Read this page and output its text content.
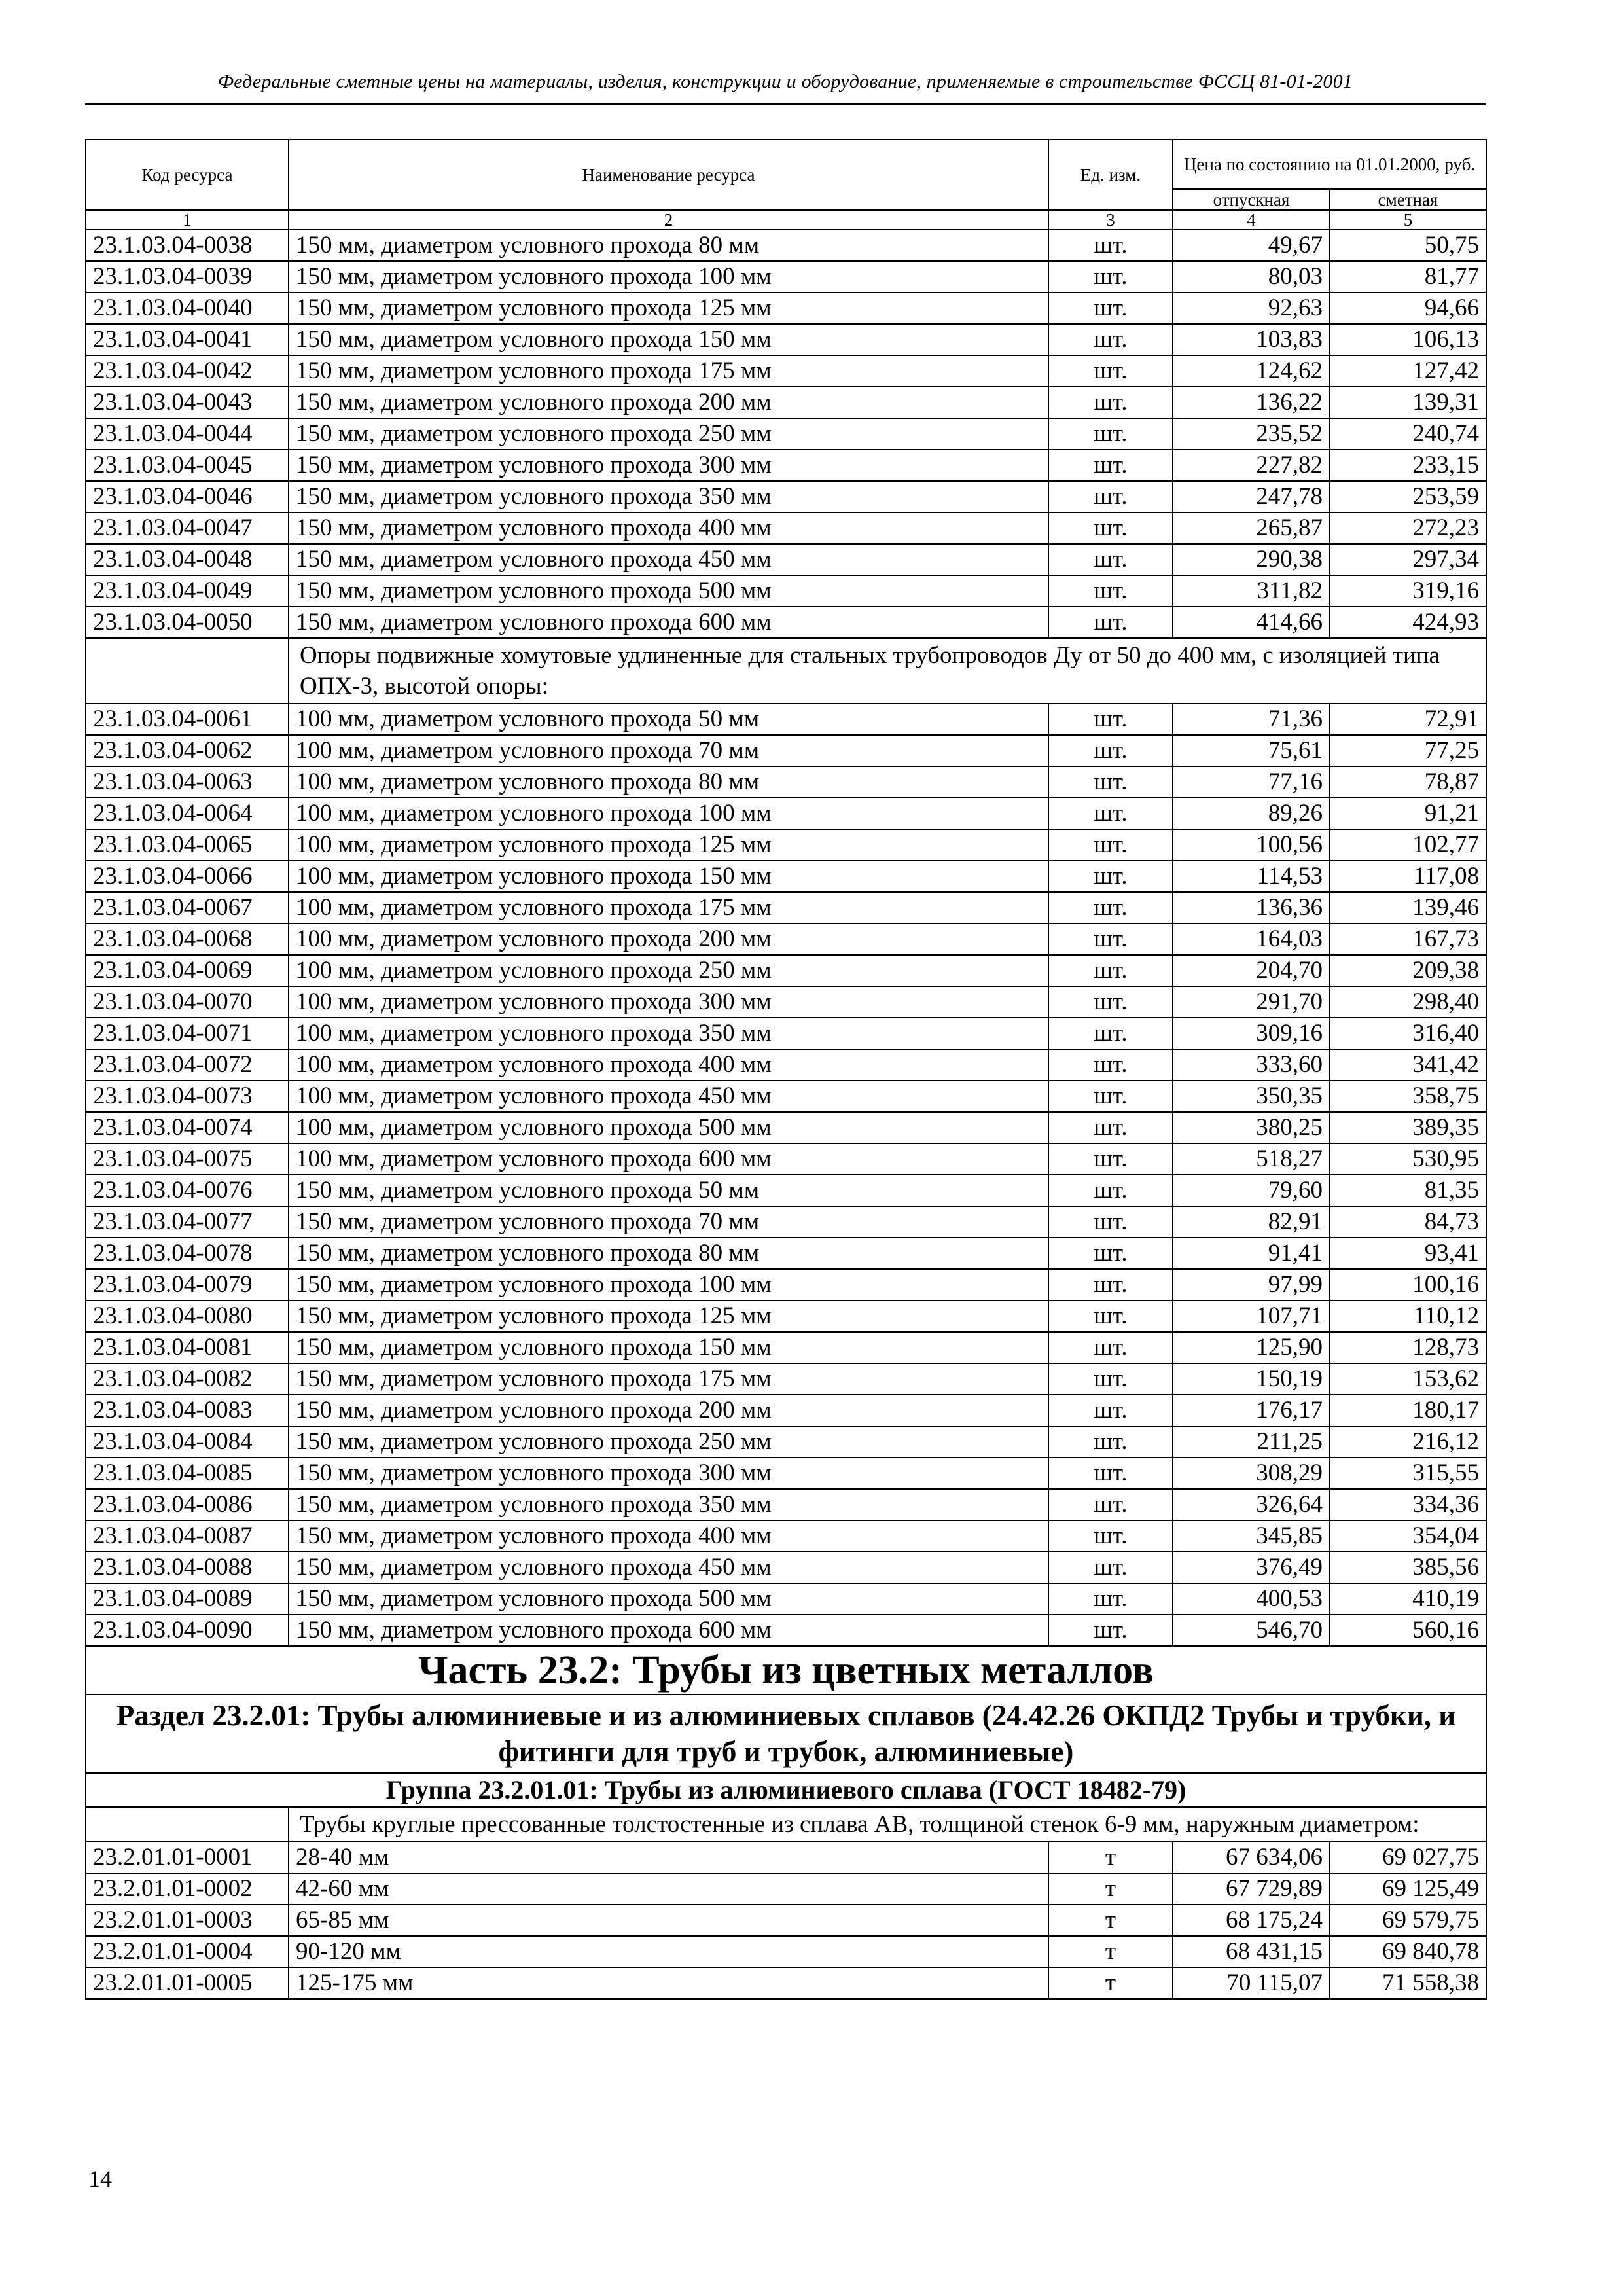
Федеральные сметные цены на материалы, изделия, конструкции и оборудование, применяемые в строительстве ФССЦ 81-01-2001
Код ресурса	Наименование ресурса	Ед. изм.	Цена по состоянию на 01.01.2000, руб.	
			отпускная	сметная
1	2	3	4	5
23.1.03.04-0038	150 мм, диаметром условного прохода 80 мм	шт.	49,67	50,75
23.1.03.04-0039	150 мм, диаметром условного прохода 100 мм	шт.	80,03	81,77
23.1.03.04-0040	150 мм, диаметром условного прохода 125 мм	шт.	92,63	94,66
23.1.03.04-0041	150 мм, диаметром условного прохода 150 мм	шт.	103,83	106,13
23.1.03.04-0042	150 мм, диаметром условного прохода 175 мм	шт.	124,62	127,42
23.1.03.04-0043	150 мм, диаметром условного прохода 200 мм	шт.	136,22	139,31
23.1.03.04-0044	150 мм, диаметром условного прохода 250 мм	шт.	235,52	240,74
23.1.03.04-0045	150 мм, диаметром условного прохода 300 мм	шт.	227,82	233,15
23.1.03.04-0046	150 мм, диаметром условного прохода 350 мм	шт.	247,78	253,59
23.1.03.04-0047	150 мм, диаметром условного прохода 400 мм	шт.	265,87	272,23
23.1.03.04-0048	150 мм, диаметром условного прохода 450 мм	шт.	290,38	297,34
23.1.03.04-0049	150 мм, диаметром условного прохода 500 мм	шт.	311,82	319,16
23.1.03.04-0050	150 мм, диаметром условного прохода 600 мм	шт.	414,66	424,93
	Опоры подвижные хомутовые удлиненные для стальных трубопроводов Ду от 50 до 400 мм, с изоляцией типа ОПХ-3, высотой опоры:			
23.1.03.04-0061	100 мм, диаметром условного прохода 50 мм	шт.	71,36	72,91
23.1.03.04-0062	100 мм, диаметром условного прохода 70 мм	шт.	75,61	77,25
23.1.03.04-0063	100 мм, диаметром условного прохода 80 мм	шт.	77,16	78,87
23.1.03.04-0064	100 мм, диаметром условного прохода 100 мм	шт.	89,26	91,21
23.1.03.04-0065	100 мм, диаметром условного прохода 125 мм	шт.	100,56	102,77
23.1.03.04-0066	100 мм, диаметром условного прохода 150 мм	шт.	114,53	117,08
23.1.03.04-0067	100 мм, диаметром условного прохода 175 мм	шт.	136,36	139,46
23.1.03.04-0068	100 мм, диаметром условного прохода 200 мм	шт.	164,03	167,73
23.1.03.04-0069	100 мм, диаметром условного прохода 250 мм	шт.	204,70	209,38
23.1.03.04-0070	100 мм, диаметром условного прохода 300 мм	шт.	291,70	298,40
23.1.03.04-0071	100 мм, диаметром условного прохода 350 мм	шт.	309,16	316,40
23.1.03.04-0072	100 мм, диаметром условного прохода 400 мм	шт.	333,60	341,42
23.1.03.04-0073	100 мм, диаметром условного прохода 450 мм	шт.	350,35	358,75
23.1.03.04-0074	100 мм, диаметром условного прохода 500 мм	шт.	380,25	389,35
23.1.03.04-0075	100 мм, диаметром условного прохода 600 мм	шт.	518,27	530,95
23.1.03.04-0076	150 мм, диаметром условного прохода 50 мм	шт.	79,60	81,35
23.1.03.04-0077	150 мм, диаметром условного прохода 70 мм	шт.	82,91	84,73
23.1.03.04-0078	150 мм, диаметром условного прохода 80 мм	шт.	91,41	93,41
23.1.03.04-0079	150 мм, диаметром условного прохода 100 мм	шт.	97,99	100,16
23.1.03.04-0080	150 мм, диаметром условного прохода 125 мм	шт.	107,71	110,12
23.1.03.04-0081	150 мм, диаметром условного прохода 150 мм	шт.	125,90	128,73
23.1.03.04-0082	150 мм, диаметром условного прохода 175 мм	шт.	150,19	153,62
23.1.03.04-0083	150 мм, диаметром условного прохода 200 мм	шт.	176,17	180,17
23.1.03.04-0084	150 мм, диаметром условного прохода 250 мм	шт.	211,25	216,12
23.1.03.04-0085	150 мм, диаметром условного прохода 300 мм	шт.	308,29	315,55
23.1.03.04-0086	150 мм, диаметром условного прохода 350 мм	шт.	326,64	334,36
23.1.03.04-0087	150 мм, диаметром условного прохода 400 мм	шт.	345,85	354,04
23.1.03.04-0088	150 мм, диаметром условного прохода 450 мм	шт.	376,49	385,56
23.1.03.04-0089	150 мм, диаметром условного прохода 500 мм	шт.	400,53	410,19
23.1.03.04-0090	150 мм, диаметром условного прохода 600 мм	шт.	546,70	560,16
Часть 23.2: Трубы из цветных металлов				
Раздел 23.2.01: Трубы алюминиевые и из алюминиевых сплавов (24.42.26 ОКПД2 Трубы и трубки, и фитинги для труб и трубок, алюминиевые)				
Группа 23.2.01.01: Трубы из алюминиевого сплава (ГОСТ 18482-79)				
	Трубы круглые прессованные толстостенные из сплава АВ, толщиной стенок 6-9 мм, наружным диаметром:			
23.2.01.01-0001	28-40 мм	т	67 634,06	69 027,75
23.2.01.01-0002	42-60 мм	т	67 729,89	69 125,49
23.2.01.01-0003	65-85 мм	т	68 175,24	69 579,75
23.2.01.01-0004	90-120 мм	т	68 431,15	69 840,78
23.2.01.01-0005	125-175 мм	т	70 115,07	71 558,38
14
